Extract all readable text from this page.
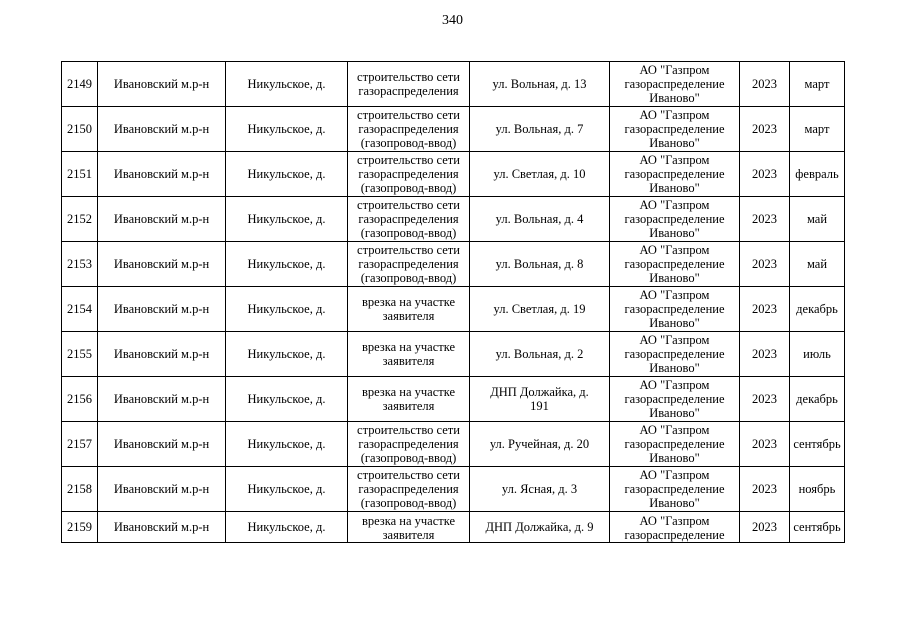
340
2149	Ивановский м.р-н	Никульское, д.	строительство сети
газораспределения	ул. Вольная, д. 13	АО "Газпром
газораспределение
Иваново"	2023	март
2150	Ивановский м.р-н	Никульское, д.	строительство сети
газораспределения
(газопровод-ввод)	ул. Вольная, д. 7	АО "Газпром
газораспределение
Иваново"	2023	март
2151	Ивановский м.р-н	Никульское, д.	строительство сети
газораспределения
(газопровод-ввод)	ул. Светлая, д. 10	АО "Газпром
газораспределение
Иваново"	2023	февраль
2152	Ивановский м.р-н	Никульское, д.	строительство сети
газораспределения
(газопровод-ввод)	ул. Вольная, д. 4	АО "Газпром
газораспределение
Иваново"	2023	май
2153	Ивановский м.р-н	Никульское, д.	строительство сети
газораспределения
(газопровод-ввод)	ул. Вольная, д. 8	АО "Газпром
газораспределение
Иваново"	2023	май
2154	Ивановский м.р-н	Никульское, д.	врезка на участке
заявителя	ул. Светлая, д. 19	АО "Газпром
газораспределение
Иваново"	2023	декабрь
2155	Ивановский м.р-н	Никульское, д.	врезка на участке
заявителя	ул. Вольная, д. 2	АО "Газпром
газораспределение
Иваново"	2023	июль
2156	Ивановский м.р-н	Никульское, д.	врезка на участке
заявителя	ДНП Должайка, д.
191	АО "Газпром
газораспределение
Иваново"	2023	декабрь
2157	Ивановский м.р-н	Никульское, д.	строительство сети
газораспределения
(газопровод-ввод)	ул. Ручейная, д. 20	АО "Газпром
газораспределение
Иваново"	2023	сентябрь
2158	Ивановский м.р-н	Никульское, д.	строительство сети
газораспределения
(газопровод-ввод)	ул. Ясная, д. 3	АО "Газпром
газораспределение
Иваново"	2023	ноябрь
2159	Ивановский м.р-н	Никульское, д.	врезка на участке
заявителя	ДНП Должайка, д. 9	АО "Газпром
газораспределение	2023	сентябрь
